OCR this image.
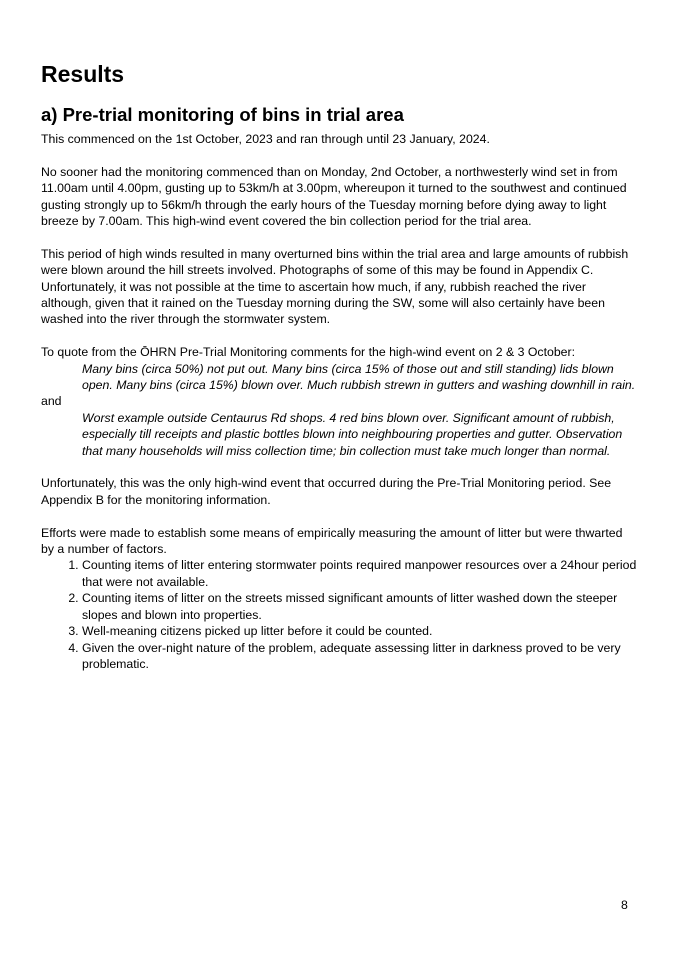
Results
a) Pre-trial monitoring of bins in trial area

This commenced on the 1st October, 2023 and ran through until 23 January, 2024.

No sooner had the monitoring commenced than on Monday, 2nd October, a northwesterly wind set in from 11.00am until 4.00pm, gusting up to 53km/h at 3.00pm, whereupon it turned to the southwest and continued gusting strongly up to 56km/h through the early hours of the Tuesday morning before dying away to light breeze by 7.00am. This high-wind event covered the bin collection period for the trial area.

This period of high winds resulted in many overturned bins within the trial area and large amounts of rubbish were blown around the hill streets involved. Photographs of some of this may be found in Appendix C. Unfortunately, it was not possible at the time to ascertain how much, if any, rubbish reached the river although, given that it rained on the Tuesday morning during the SW, some will also certainly have been washed into the river through the stormwater system.

To quote from the ŌHRN Pre-Trial Monitoring comments for the high-wind event on 2 & 3 October:

Many bins (circa 50%) not put out. Many bins (circa 15% of those out and still standing) lids blown open. Many bins (circa 15%) blown over. Much rubbish strewn in gutters and washing downhill in rain.

and

Worst example outside Centaurus Rd shops. 4 red bins blown over. Significant amount of rubbish, especially till receipts and plastic bottles blown into neighbouring properties and gutter. Observation that many households will miss collection time; bin collection must take much longer than normal.

Unfortunately, this was the only high-wind event that occurred during the Pre-Trial Monitoring period. See Appendix B for the monitoring information.

Efforts were made to establish some means of empirically measuring the amount of litter but were thwarted by a number of factors.

1. Counting items of litter entering stormwater points required manpower resources over a 24hour period that were not available.
2. Counting items of litter on the streets missed significant amounts of litter washed down the steeper slopes and blown into properties.
3. Well-meaning citizens picked up litter before it could be counted.
4. Given the over-night nature of the problem, adequate assessing litter in darkness proved to be very problematic.
8
